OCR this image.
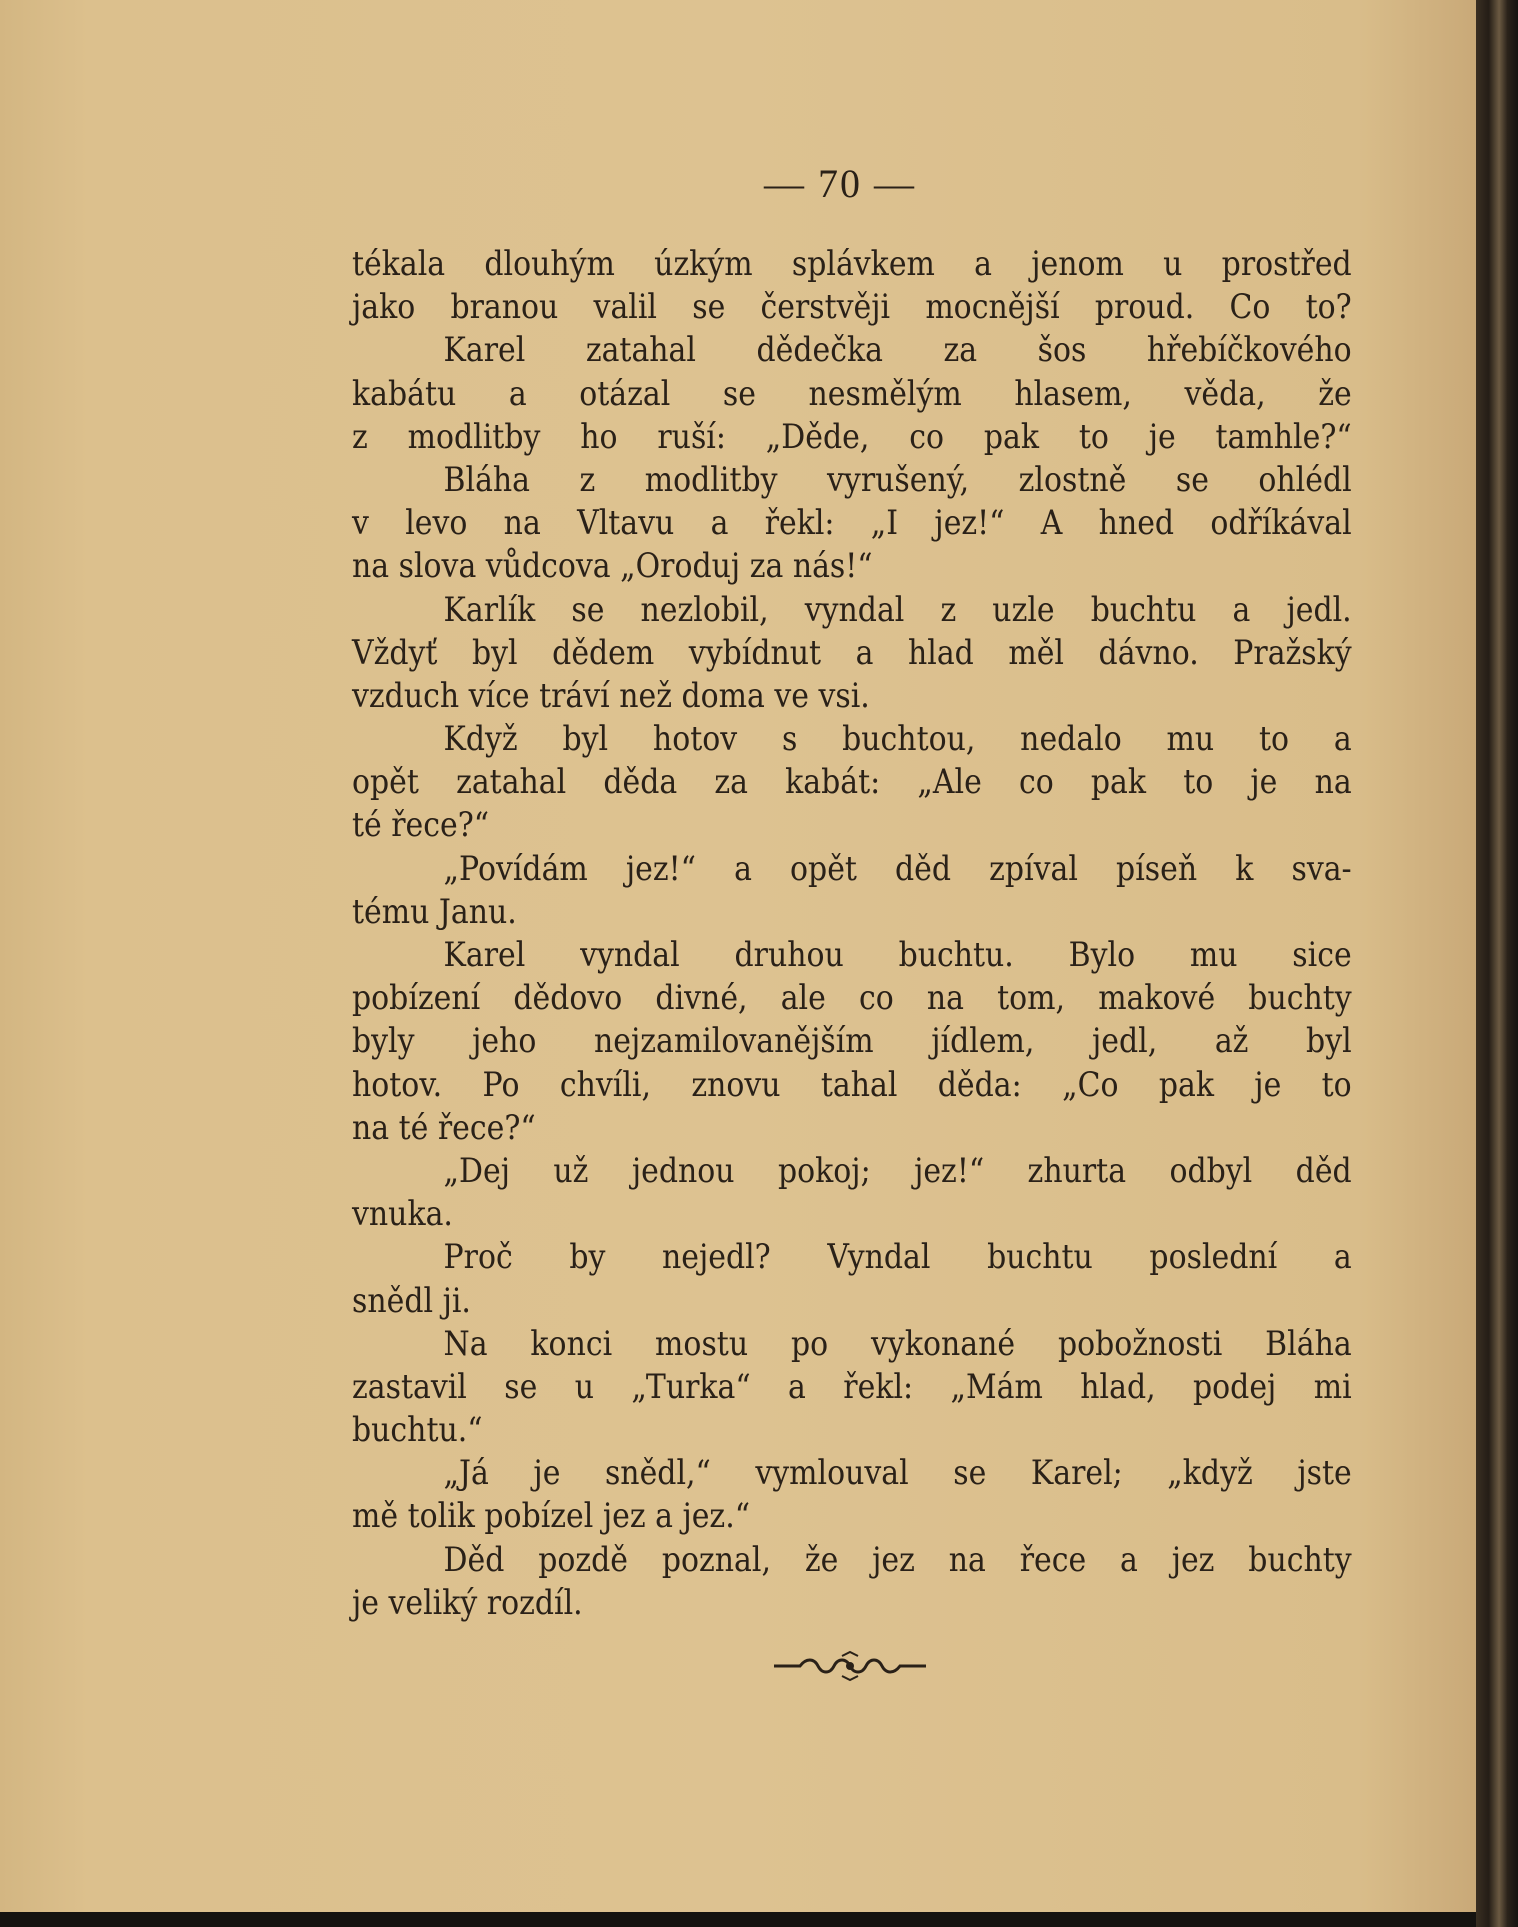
— 70 —
tékala dlouhým úzkým splávkem a jenom u prostřed
jako branou valil se čerstvěji mocnější proud. Co to?
Karel zatahal dědečka za šos hřebíčkového
kabátu a otázal se nesmělým hlasem, věda, že
z modlitby ho ruší: „Děde, co pak to je tamhle?“
Bláha z modlitby vyrušený, zlostně se ohlédl
v levo na Vltavu a řekl: „I jez!“ A hned odříkával
na slova vůdcova „Oroduj za nás!“
Karlík se nezlobil, vyndal z uzle buchtu a jedl.
Vždyť byl dědem vybídnut a hlad měl dávno. Pražský
vzduch více tráví než doma ve vsi.
Když byl hotov s buchtou, nedalo mu to a
opět zatahal děda za kabát: „Ale co pak to je na
té řece?“
„Povídám jez!“ a opět děd zpíval píseň k sva-
tému Janu.
Karel vyndal druhou buchtu. Bylo mu sice
pobízení dědovo divné, ale co na tom, makové buchty
byly jeho nejzamilovanějším jídlem, jedl, až byl
hotov. Po chvíli, znovu tahal děda: „Co pak je to
na té řece?“
„Dej už jednou pokoj; jez!“ zhurta odbyl děd
vnuka.
Proč by nejedl? Vyndal buchtu poslední a
snědl ji.
Na konci mostu po vykonané pobožnosti Bláha
zastavil se u „Turka“ a řekl: „Mám hlad, podej mi
buchtu.“
„Já je snědl,“ vymlouval se Karel; „když jste
mě tolik pobízel jez a jez.“
Děd pozdě poznal, že jez na řece a jez buchty
je veliký rozdíl.
